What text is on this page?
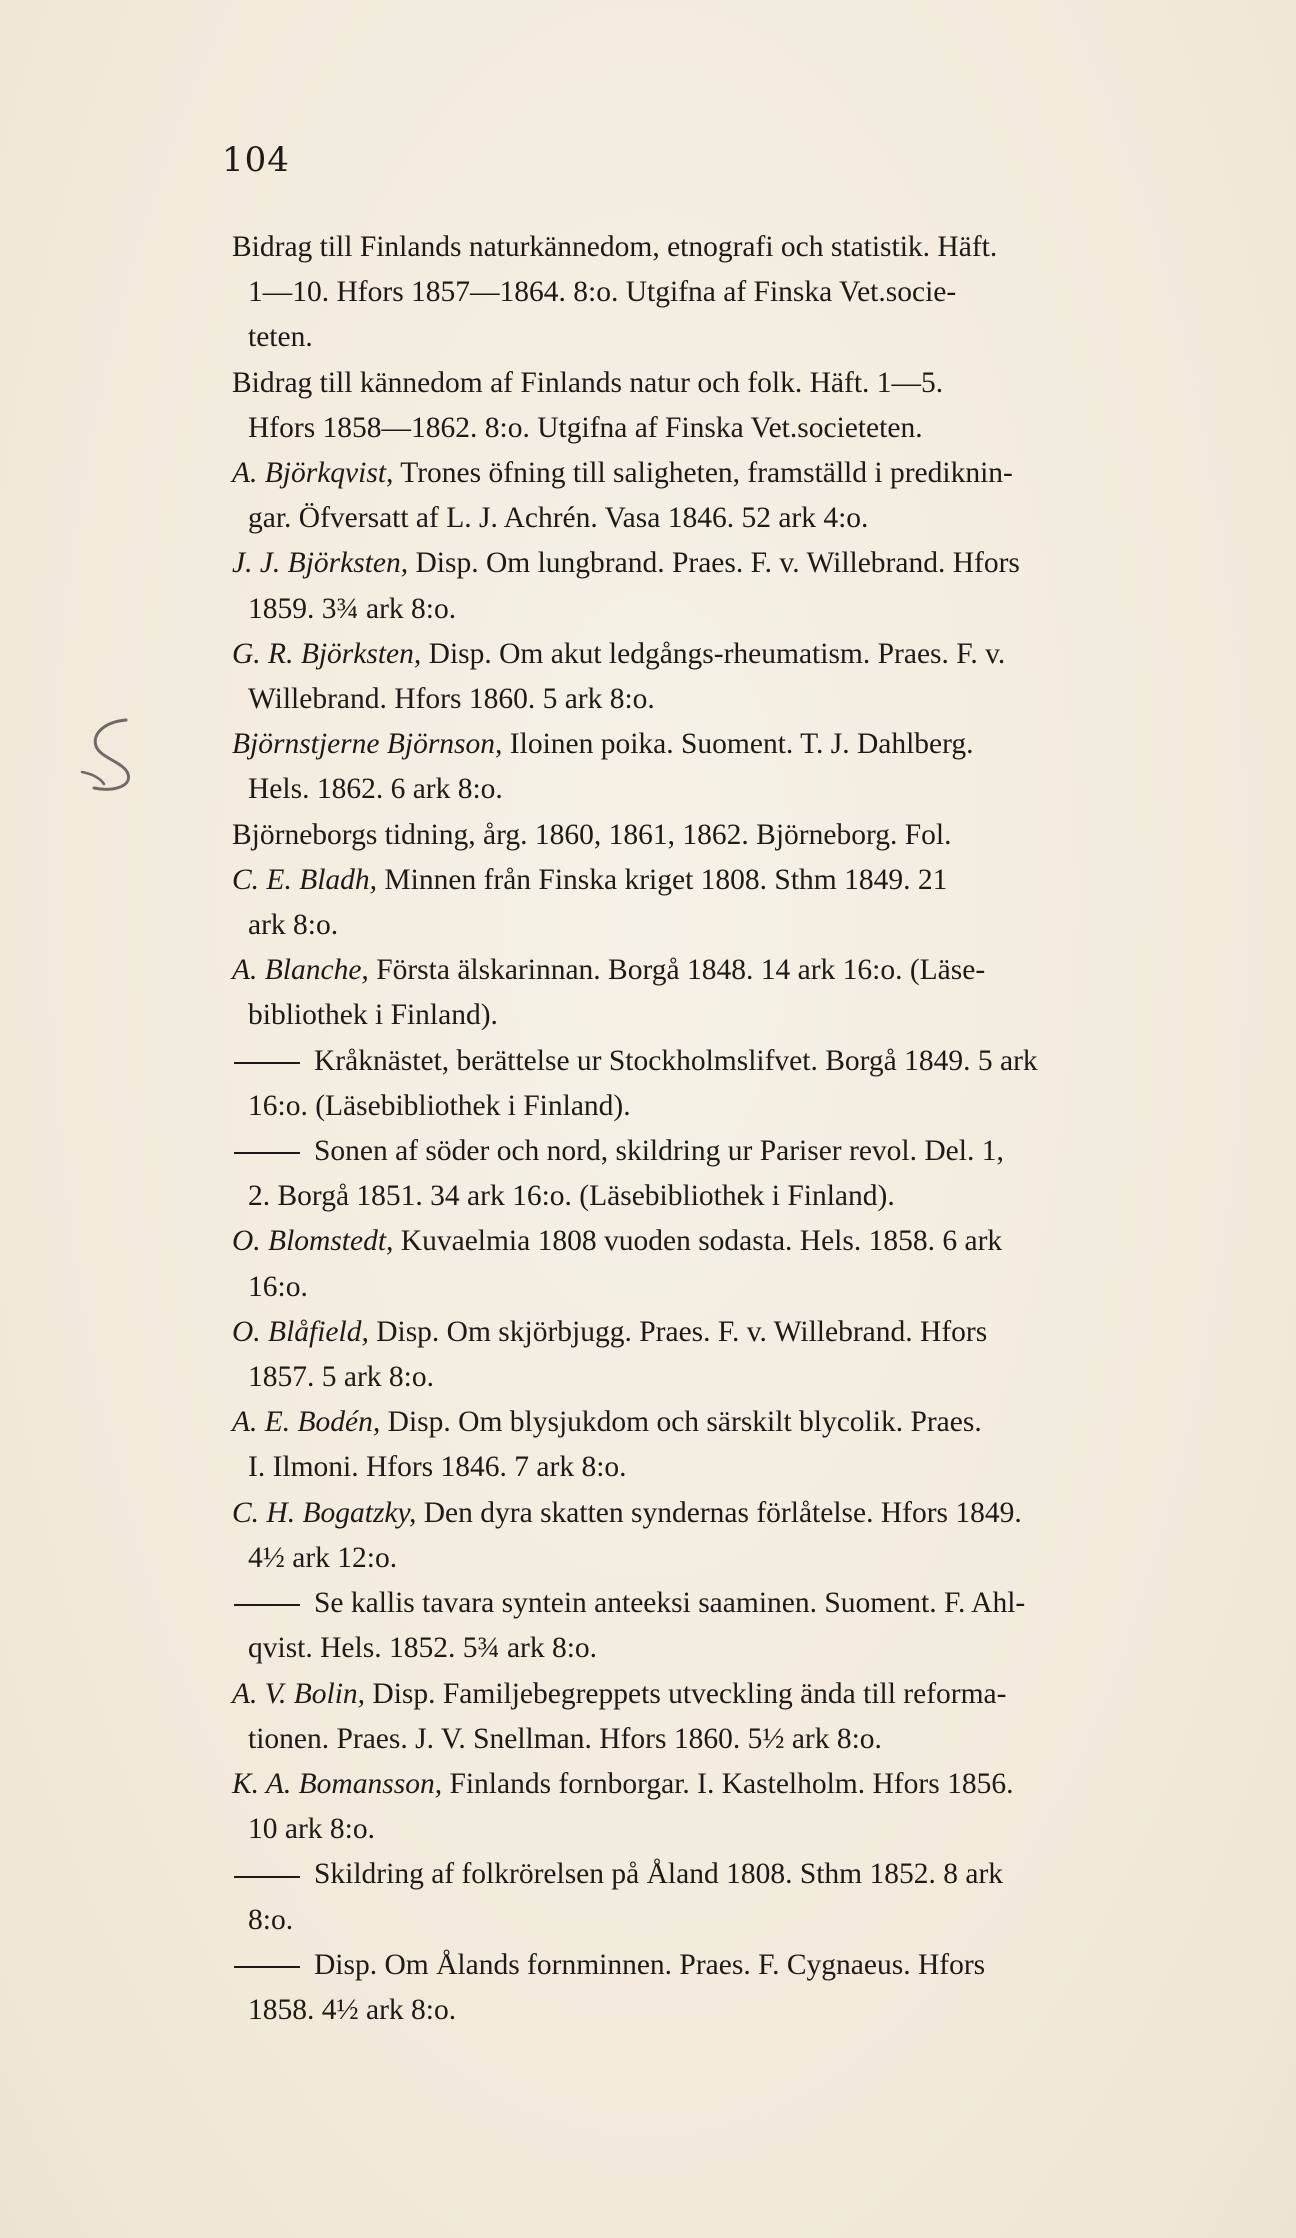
104

Bidrag till Finlands naturkännedom, etnografi och statistik. Häft.
1—10. Hfors 1857—1864. 8:o. Utgifna af Finska Vet.socie-
teten.

Bidrag till kännedom af Finlands natur och folk. Häft. 1—5.
Hfors 1858—1862. 8:o. Utgifna af Finska Vet.societeten.

A. Björkqvist, Trones öfning till saligheten, framställd i prediknin-
gar. Öfversatt af L. J. Achrén. Vasa 1846. 52 ark 4:o.

J. J. Björksten, Disp. Om lungbrand. Praes. F. v. Willebrand. Hfors
1859. 3¾ ark 8:o.

G. R. Björksten, Disp. Om akut ledgångs-rheumatism. Praes. F. v.
Willebrand. Hfors 1860. 5 ark 8:o.

Björnstjerne Björnson, Iloinen poika. Suoment. T. J. Dahlberg.
Hels. 1862. 6 ark 8:o.

Björneborgs tidning, årg. 1860, 1861, 1862. Björneborg. Fol.

C. E. Bladh, Minnen från Finska kriget 1808. Sthm 1849. 21
ark 8:o.

A. Blanche, Första älskarinnan. Borgå 1848. 14 ark 16:o. (Läse-
bibliothek i Finland).

Kråknästet, berättelse ur Stockholmslifvet. Borgå 1849. 5 ark
16:o. (Läsebibliothek i Finland).

Sonen af söder och nord, skildring ur Pariser revol. Del. 1,
2. Borgå 1851. 34 ark 16:o. (Läsebibliothek i Finland).

O. Blomstedt, Kuvaelmia 1808 vuoden sodasta. Hels. 1858. 6 ark
16:o.

O. Blåfield, Disp. Om skjörbjugg. Praes. F. v. Willebrand. Hfors
1857. 5 ark 8:o.

A. E. Bodén, Disp. Om blysjukdom och särskilt blycolik. Praes.
I. Ilmoni. Hfors 1846. 7 ark 8:o.

C. H. Bogatzky, Den dyra skatten syndernas förlåtelse. Hfors 1849.
4½ ark 12:o.

Se kallis tavara syntein anteeksi saaminen. Suoment. F. Ahl-
qvist. Hels. 1852. 5¾ ark 8:o.

A. V. Bolin, Disp. Familjebegreppets utveckling ända till reforma-
tionen. Praes. J. V. Snellman. Hfors 1860. 5½ ark 8:o.

K. A. Bomansson, Finlands fornborgar. I. Kastelholm. Hfors 1856.
10 ark 8:o.

Skildring af folkrörelsen på Åland 1808. Sthm 1852. 8 ark
8:o.

Disp. Om Ålands fornminnen. Praes. F. Cygnaeus. Hfors
1858. 4½ ark 8:o.
